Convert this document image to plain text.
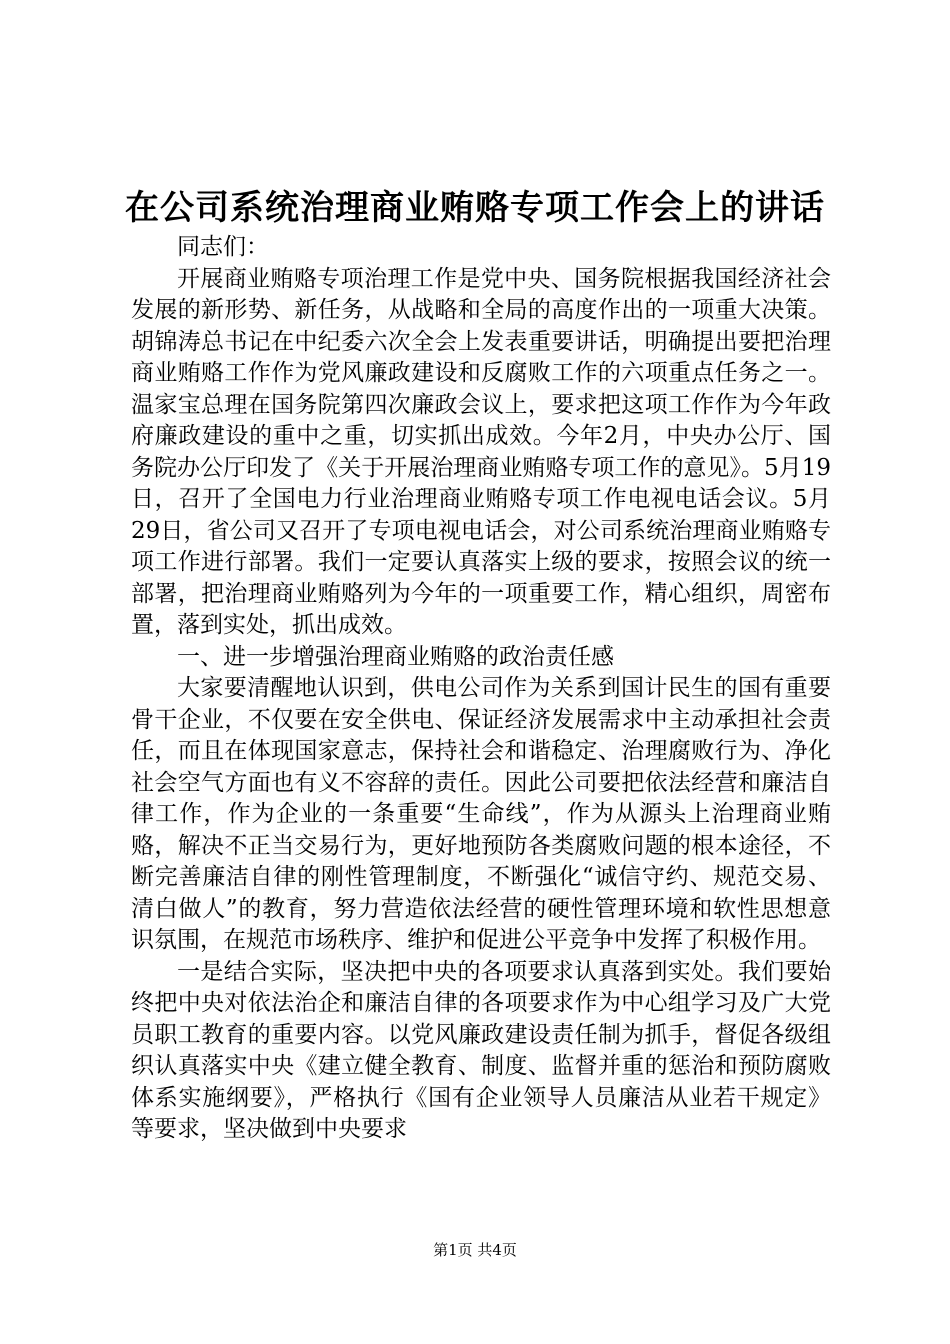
在公司系统治理商业贿赂专项工作会上的讲话

同志们：

开展商业贿赂专项治理工作是党中央、国务院根据我国经济社会发展的新形势、新任务，从战略和全局的高度作出的一项重大决策。胡锦涛总书记在中纪委六次全会上发表重要讲话，明确提出要把治理商业贿赂工作作为党风廉政建设和反腐败工作的六项重点任务之一。温家宝总理在国务院第四次廉政会议上，要求把这项工作作为今年政府廉政建设的重中之重，切实抓出成效。今年2月，中央办公厅、国务院办公厅印发了《关于开展治理商业贿赂专项工作的意见》。5月19日，召开了全国电力行业治理商业贿赂专项工作电视电话会议。5月29日，省公司又召开了专项电视电话会，对公司系统治理商业贿赂专项工作进行部署。我们一定要认真落实上级的要求，按照会议的统一部署，把治理商业贿赂列为今年的一项重要工作，精心组织，周密布置，落到实处，抓出成效。

一、进一步增强治理商业贿赂的政治责任感

大家要清醒地认识到，供电公司作为关系到国计民生的国有重要骨干企业，不仅要在安全供电、保证经济发展需求中主动承担社会责任，而且在体现国家意志，保持社会和谐稳定、治理腐败行为、净化社会空气方面也有义不容辞的责任。因此公司要把依法经营和廉洁自律工作，作为企业的一条重要“生命线”，作为从源头上治理商业贿赂，解决不正当交易行为，更好地预防各类腐败问题的根本途径，不断完善廉洁自律的刚性管理制度，不断强化“诚信守约、规范交易、清白做人”的教育，努力营造依法经营的硬性管理环境和软性思想意识氛围，在规范市场秩序、维护和促进公平竞争中发挥了积极作用。

一是结合实际，坚决把中央的各项要求认真落到实处。我们要始终把中央对依法治企和廉洁自律的各项要求作为中心组学习及广大党员职工教育的重要内容。以党风廉政建设责任制为抓手，督促各级组织认真落实中央《建立健全教育、制度、监督并重的惩治和预防腐败体系实施纲要》，严格执行《国有企业领导人员廉洁从业若干规定》等要求，坚决做到中央要求

第1页 共4页
